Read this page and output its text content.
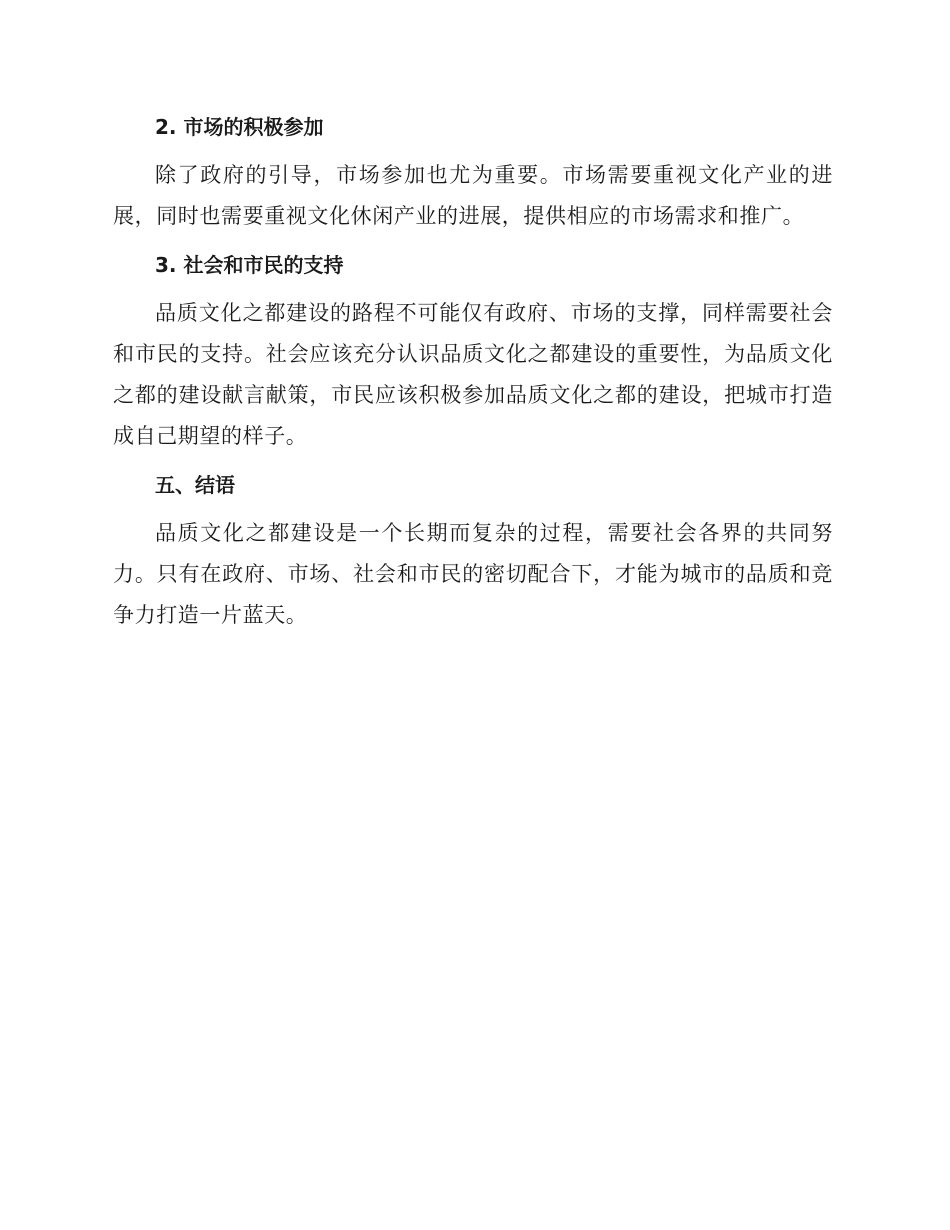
2. 市场的积极参加

除了政府的引导，市场参加也尤为重要。市场需要重视文化产业的进展，同时也需要重视文化休闲产业的进展，提供相应的市场需求和推广。

3. 社会和市民的支持

品质文化之都建设的路程不可能仅有政府、市场的支撑，同样需要社会和市民的支持。社会应该充分认识品质文化之都建设的重要性，为品质文化之都的建设献言献策，市民应该积极参加品质文化之都的建设，把城市打造成自己期望的样子。

五、结语

品质文化之都建设是一个长期而复杂的过程，需要社会各界的共同努力。只有在政府、市场、社会和市民的密切配合下，才能为城市的品质和竞争力打造一片蓝天。
